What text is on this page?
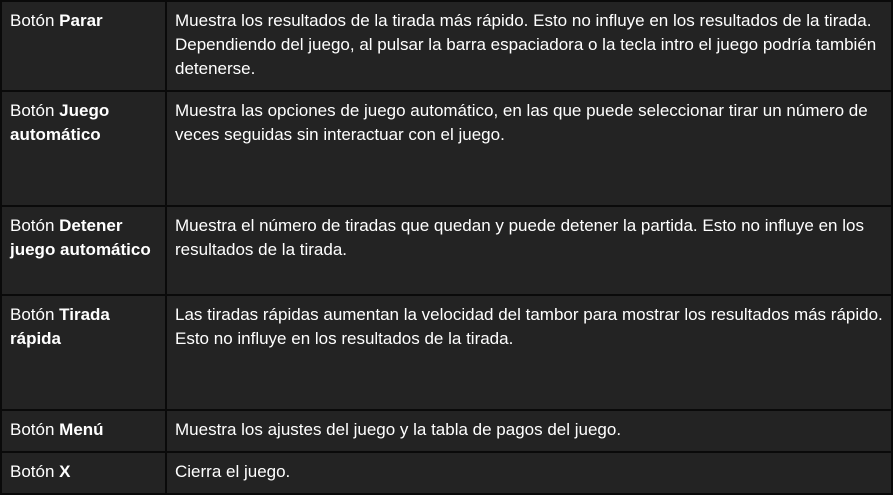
Botón Parar	Muestra los resultados de la tirada más rápido. Esto no influye en los resultados de la tirada. Dependiendo del juego, al pulsar la barra espaciadora o la tecla intro el juego podría también detenerse.
Botón Juego automático	Muestra las opciones de juego automático, en las que puede seleccionar tirar un número de veces seguidas sin interactuar con el juego.
Botón Detener juego automático	Muestra el número de tiradas que quedan y puede detener la partida. Esto no influye en los resultados de la tirada.
Botón Tirada rápida	Las tiradas rápidas aumentan la velocidad del tambor para mostrar los resultados más rápido. Esto no influye en los resultados de la tirada.
Botón Menú	Muestra los ajustes del juego y la tabla de pagos del juego.
Botón X	Cierra el juego.
